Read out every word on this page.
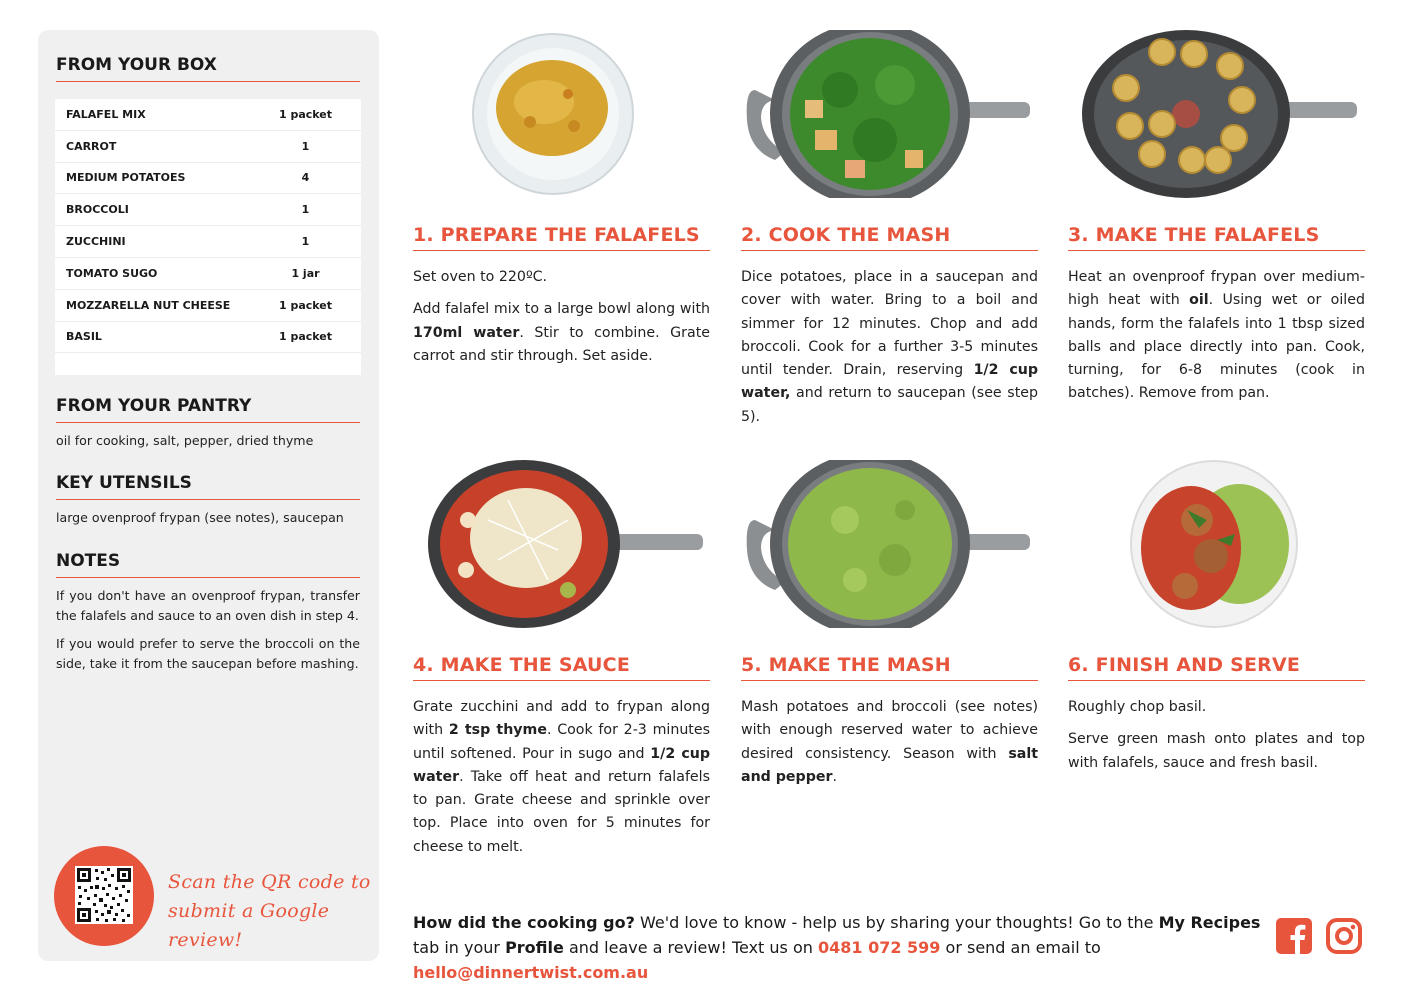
FROM YOUR BOX
FALAFEL MIX	1 packet
CARROT	1
MEDIUM POTATOES	4
BROCCOLI	1
ZUCCHINI	1
TOMATO SUGO	1 jar
MOZZARELLA NUT CHEESE	1 packet
BASIL	1 packet
FROM YOUR PANTRY
oil for cooking, salt, pepper, dried thyme
KEY UTENSILS
large ovenproof frypan (see notes), saucepan
NOTES

If you don't have an ovenproof frypan, transfer the falafels and sauce to an oven dish in step 4.

If you would prefer to serve the broccoli on the side, take it from the saucepan before mashing.

Scan the QR code to
submit a Google review!
1. PREPARE THE FALAFELS

Set oven to 220ºC.

Add falafel mix to a large bowl along with 170ml water. Stir to combine. Grate carrot and stir through. Set aside.

2. COOK THE MASH

Dice potatoes, place in a saucepan and cover with water. Bring to a boil and simmer for 12 minutes. Chop and add broccoli. Cook for a further 3-5 minutes until tender. Drain, reserving 1/2 cup water, and return to saucepan (see step 5).

3. MAKE THE FALAFELS

Heat an ovenproof frypan over medium-high heat with oil. Using wet or oiled hands, form the falafels into 1 tbsp sized balls and place directly into pan. Cook, turning, for 6-8 minutes (cook in batches). Remove from pan.

4. MAKE THE SAUCE

Grate zucchini and add to frypan along with 2 tsp thyme. Cook for 2-3 minutes until softened. Pour in sugo and 1/2 cup water. Take off heat and return falafels to pan. Grate cheese and sprinkle over top. Place into oven for 5 minutes for cheese to melt.

5. MAKE THE MASH

Mash potatoes and broccoli (see notes) with enough reserved water to achieve desired consistency. Season with salt and pepper.

6. FINISH AND SERVE

Roughly chop basil.

Serve green mash onto plates and top with falafels, sauce and fresh basil.

How did the cooking go? We'd love to know - help us by sharing your thoughts! Go to the My Recipes tab in your Profile and leave a review! Text us on 0481 072 599 or send an email to hello@dinnertwist.com.au
